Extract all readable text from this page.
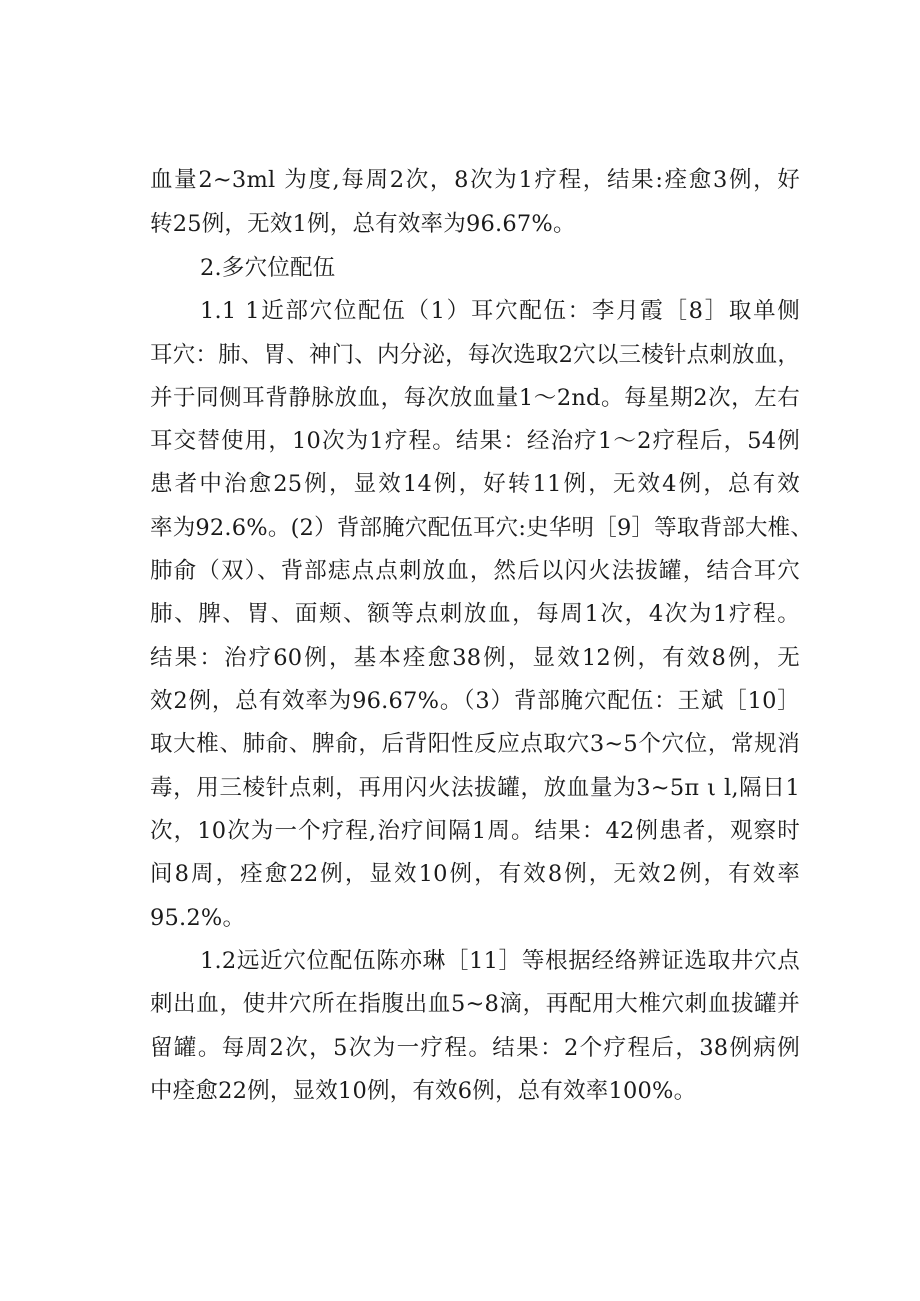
血量2~3ml 为度,每周2次，8次为1疗程，结果:痊愈3例，好
转25例，无效1例，总有效率为96.67%。
2.多穴位配伍
1.1 1近部穴位配伍（1）耳穴配伍：李月霞［8］取单侧
耳穴：肺、胃、神门、内分泌，每次选取2穴以三棱针点刺放血，
并于同侧耳背静脉放血，每次放血量1～2nd。每星期2次，左右
耳交替使用，10次为1疗程。结果：经治疗1～2疗程后，54例
患者中治愈25例，显效14例，好转11例，无效4例，总有效
率为92.6%。(2）背部腌穴配伍耳穴:史华明［9］等取背部大椎、
肺俞（双）、背部痣点点刺放血，然后以闪火法拔罐，结合耳穴
肺、脾、胃、面颊、额等点刺放血，每周1次，4次为1疗程。
结果：治疗60例，基本痊愈38例，显效12例，有效8例，无
效2例，总有效率为96.67%。（3）背部腌穴配伍：王斌［10］
取大椎、肺俞、脾俞，后背阳性反应点取穴3~5个穴位，常规消
毒，用三棱针点刺，再用闪火法拔罐，放血量为3~5π ι l,隔日1
次，10次为一个疗程,治疗间隔1周。结果：42例患者，观察时
间8周，痊愈22例，显效10例，有效8例，无效2例，有效率
95.2%。
1.2远近穴位配伍陈亦琳［11］等根据经络辨证选取井穴点
刺出血，使井穴所在指腹出血5~8滴，再配用大椎穴刺血拔罐并
留罐。每周2次，5次为一疗程。结果：2个疗程后，38例病例
中痊愈22例，显效10例，有效6例，总有效率100%。
